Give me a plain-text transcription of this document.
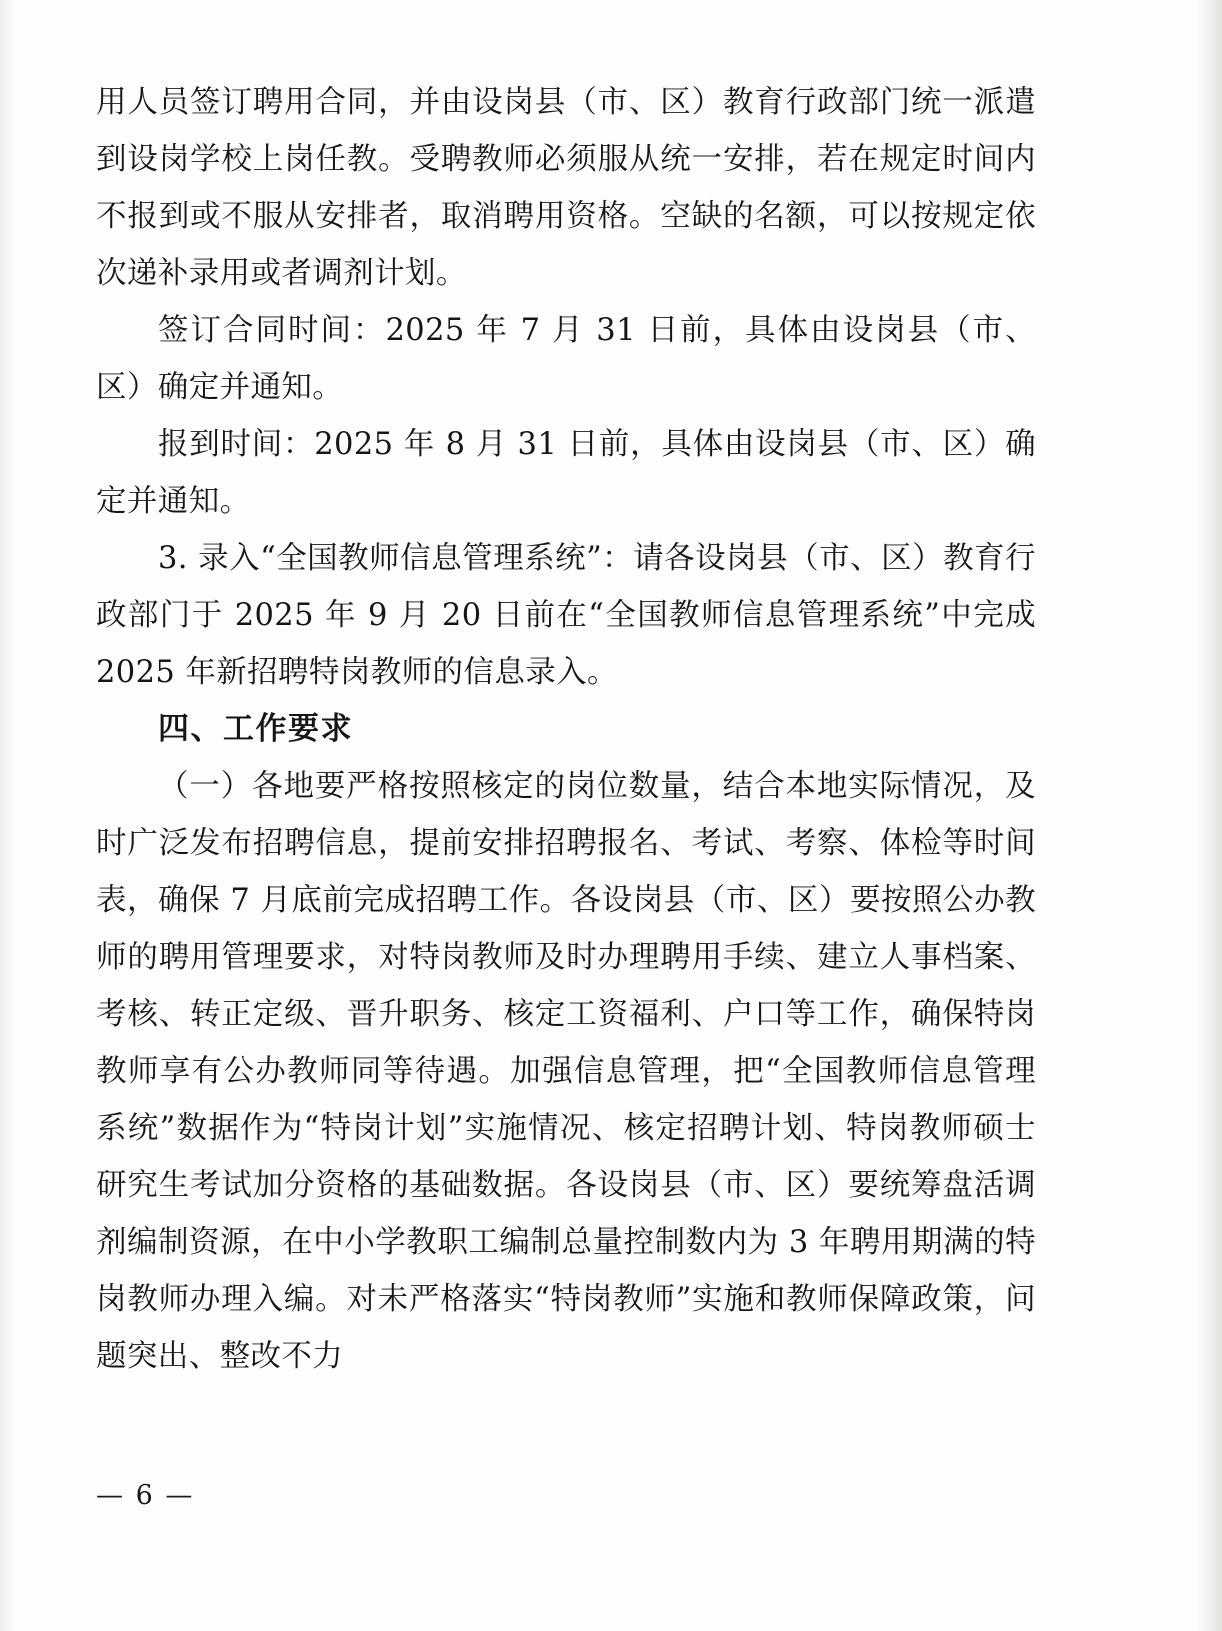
用人员签订聘用合同，并由设岗县（市、区）教育行政部门统一派遣到设岗学校上岗任教。受聘教师必须服从统一安排，若在规定时间内不报到或不服从安排者，取消聘用资格。空缺的名额，可以按规定依次递补录用或者调剂计划。

签订合同时间：2025 年 7 月 31 日前，具体由设岗县（市、区）确定并通知。

报到时间：2025 年 8 月 31 日前，具体由设岗县（市、区）确定并通知。

3. 录入“全国教师信息管理系统”：请各设岗县（市、区）教育行政部门于 2025 年 9 月 20 日前在“全国教师信息管理系统”中完成 2025 年新招聘特岗教师的信息录入。

四、工作要求

（一）各地要严格按照核定的岗位数量，结合本地实际情况，及时广泛发布招聘信息，提前安排招聘报名、考试、考察、体检等时间表，确保 7 月底前完成招聘工作。各设岗县（市、区）要按照公办教师的聘用管理要求，对特岗教师及时办理聘用手续、建立人事档案、考核、转正定级、晋升职务、核定工资福利、户口等工作，确保特岗教师享有公办教师同等待遇。加强信息管理，把“全国教师信息管理系统”数据作为“特岗计划”实施情况、核定招聘计划、特岗教师硕士研究生考试加分资格的基础数据。各设岗县（市、区）要统筹盘活调剂编制资源，在中小学教职工编制总量控制数内为 3 年聘用期满的特岗教师办理入编。对未严格落实“特岗教师”实施和教师保障政策，问题突出、整改不力

— 6 —
